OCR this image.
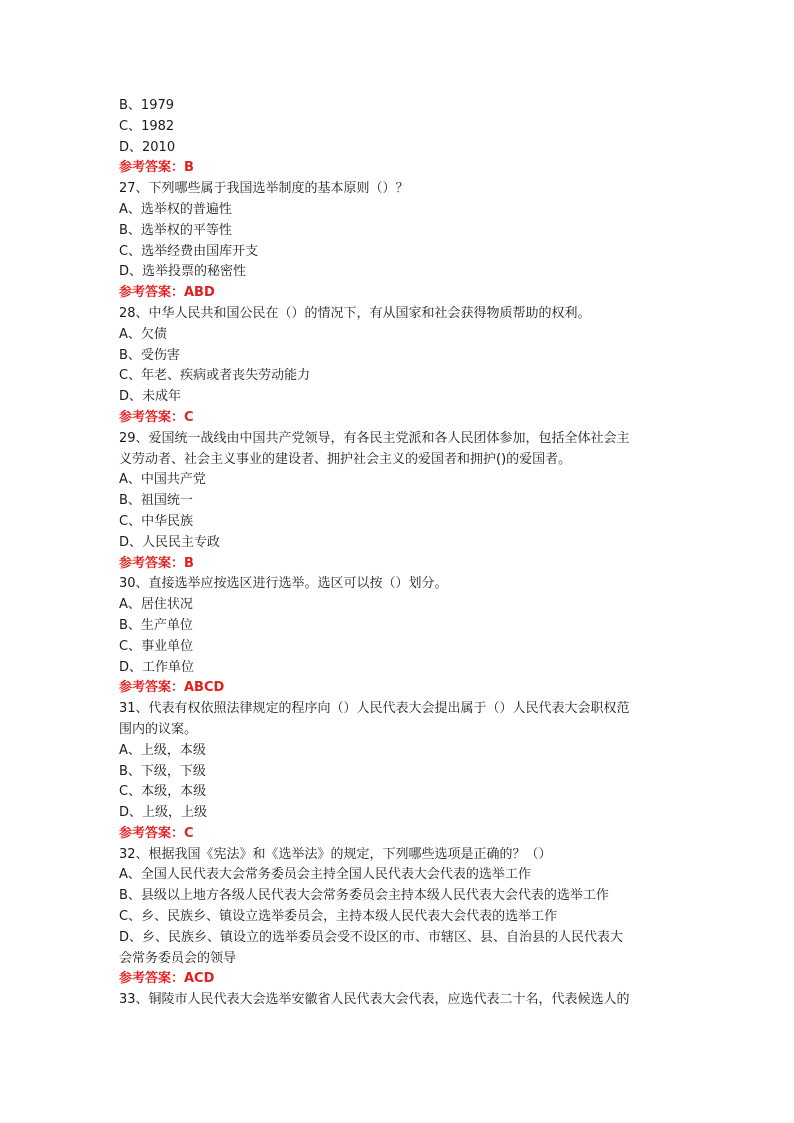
B、1979
C、1982
D、2010
参考答案：B
27、下列哪些属于我国选举制度的基本原则（）？
A、选举权的普遍性
B、选举权的平等性
C、选举经费由国库开支
D、选举投票的秘密性
参考答案：ABD
28、中华人民共和国公民在（）的情况下，有从国家和社会获得物质帮助的权利。
A、欠债
B、受伤害
C、年老、疾病或者丧失劳动能力
D、未成年
参考答案：C
29、爱国统一战线由中国共产党领导，有各民主党派和各人民团体参加，包括全体社会主
义劳动者、社会主义事业的建设者、拥护社会主义的爱国者和拥护()的爱国者。
A、中国共产党
B、祖国统一
C、中华民族
D、人民民主专政
参考答案：B
30、直接选举应按选区进行选举。选区可以按（）划分。
A、居住状况
B、生产单位
C、事业单位
D、工作单位
参考答案：ABCD
31、代表有权依照法律规定的程序向（）人民代表大会提出属于（）人民代表大会职权范
围内的议案。
A、上级，本级
B、下级，下级
C、本级，本级
D、上级，上级
参考答案：C
32、根据我国《宪法》和《选举法》的规定，下列哪些选项是正确的？（）
A、全国人民代表大会常务委员会主持全国人民代表大会代表的选举工作
B、县级以上地方各级人民代表大会常务委员会主持本级人民代表大会代表的选举工作
C、乡、民族乡、镇设立选举委员会，主持本级人民代表大会代表的选举工作
D、乡、民族乡、镇设立的选举委员会受不设区的市、市辖区、县、自治县的人民代表大
会常务委员会的领导
参考答案：ACD
33、铜陵市人民代表大会选举安徽省人民代表大会代表，应选代表二十名，代表候选人的
